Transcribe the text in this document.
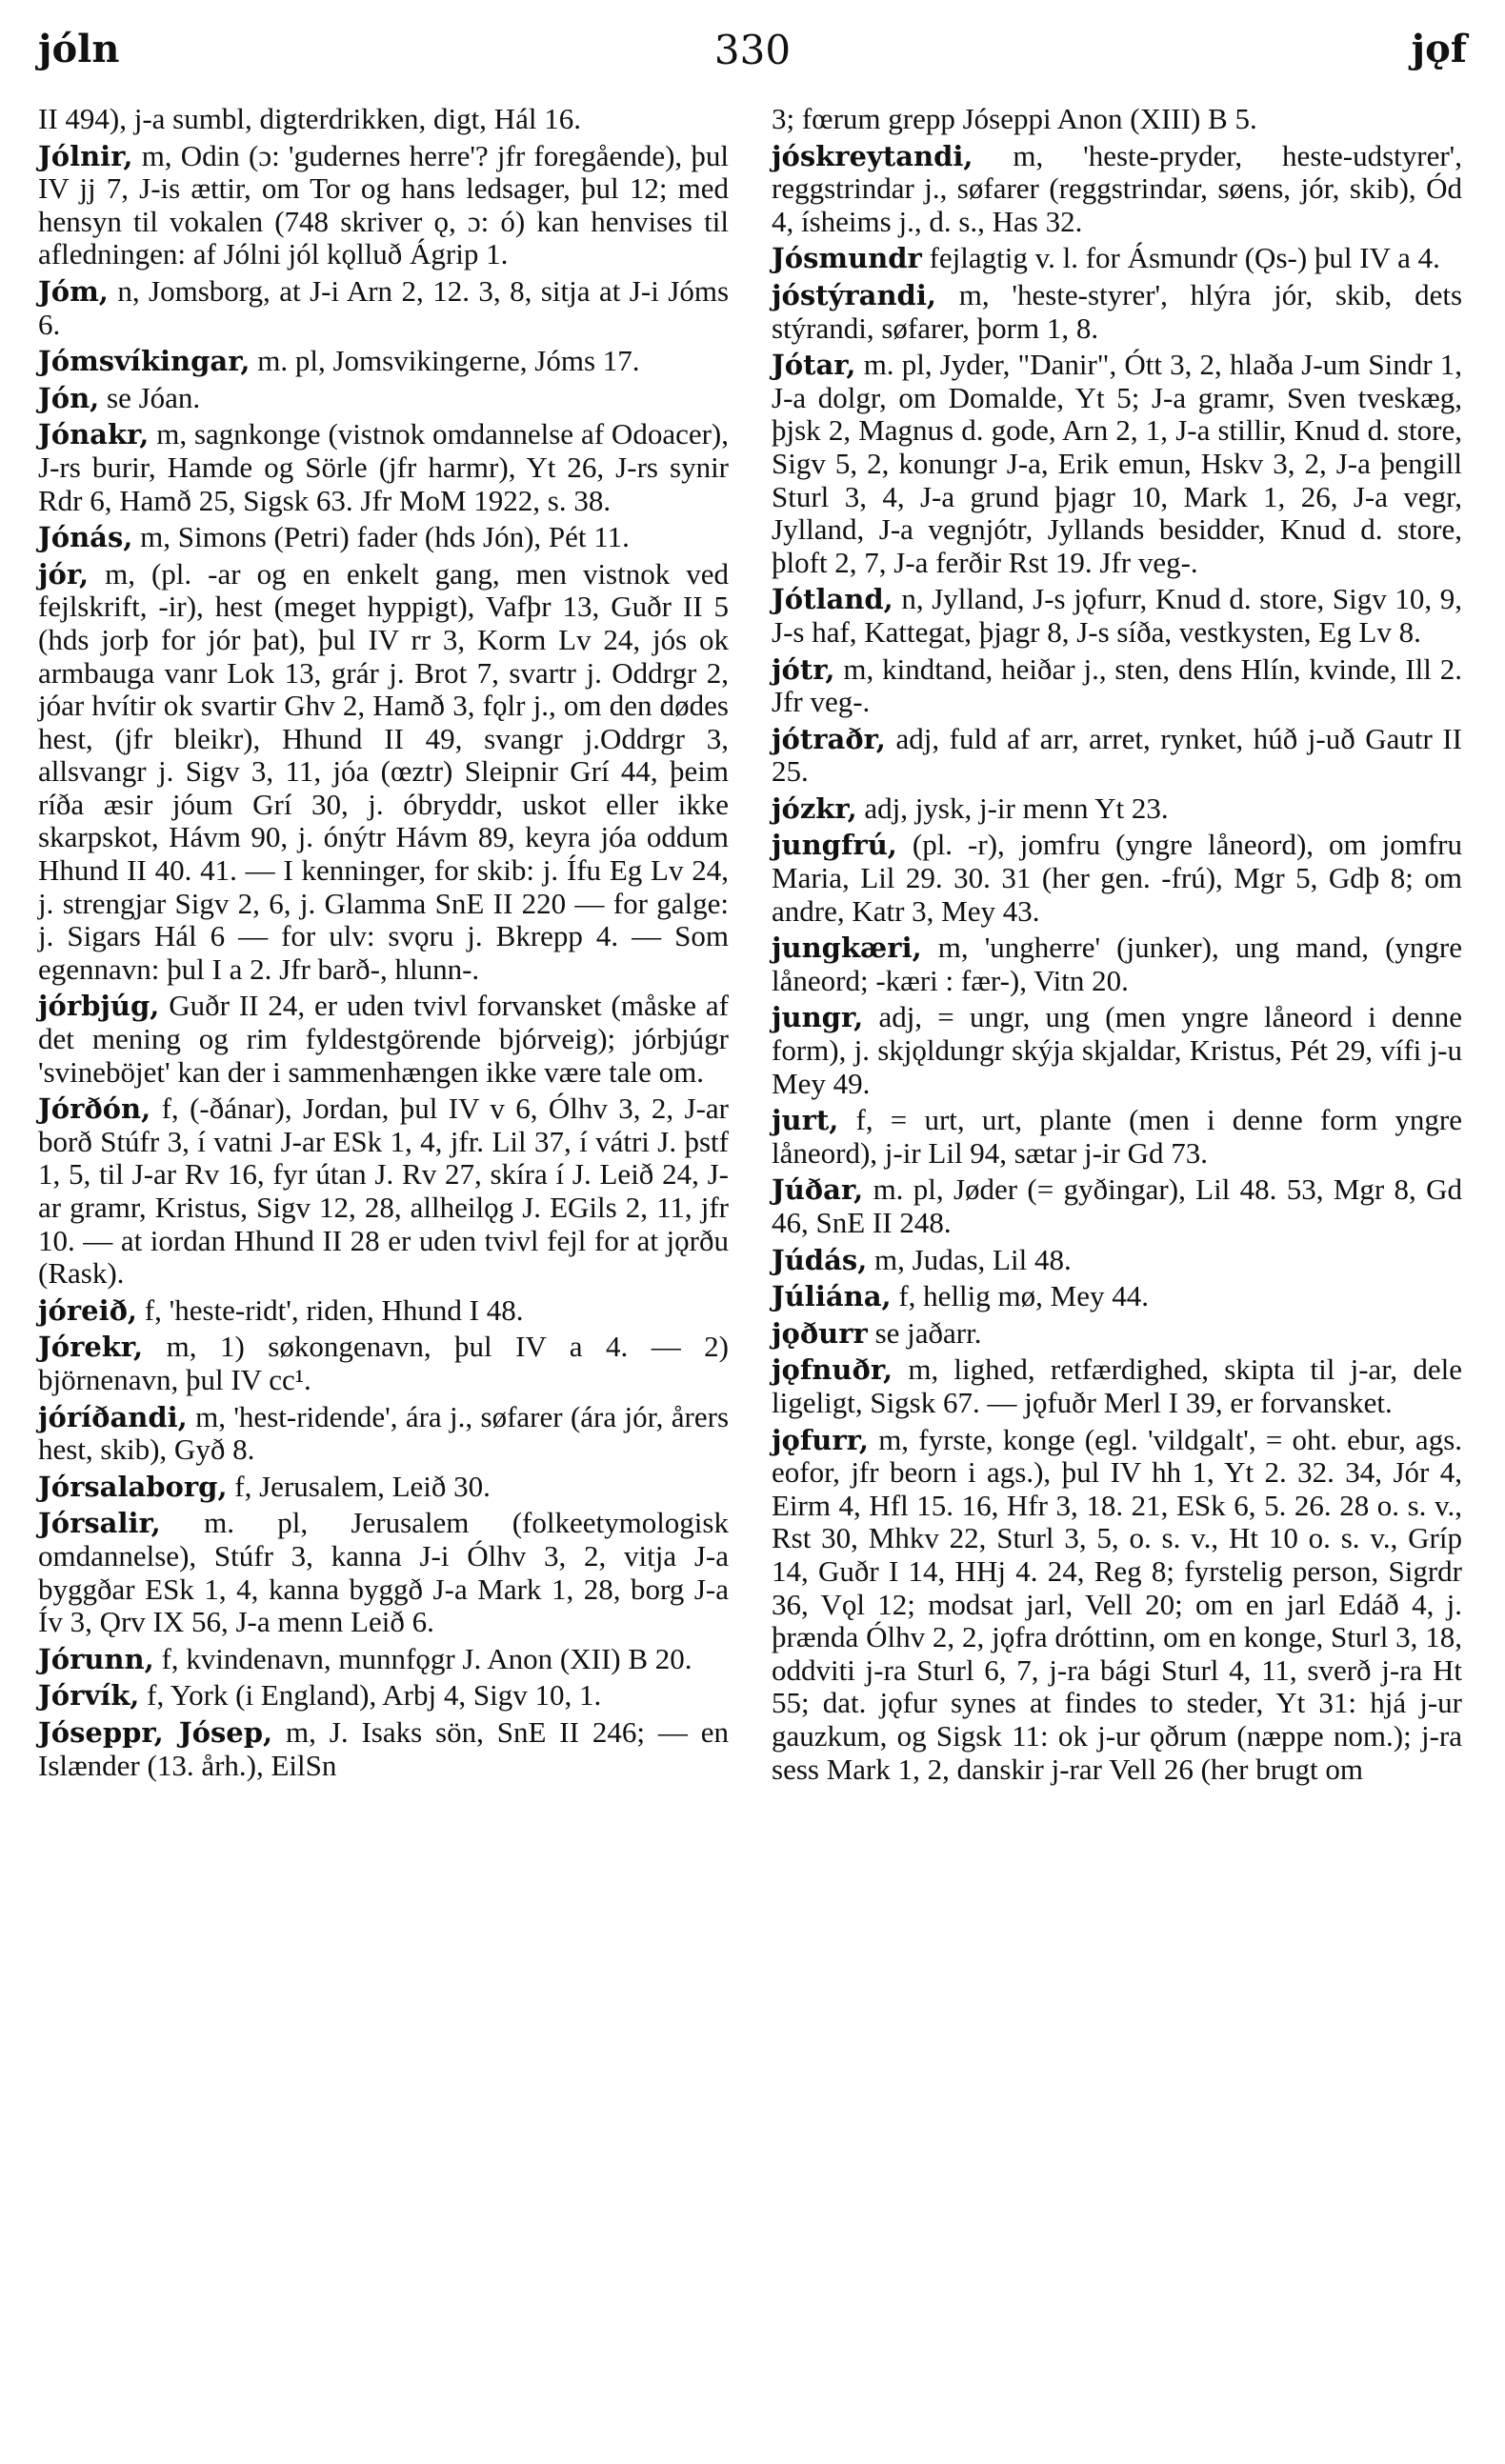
330
jóln	jǫf

II 494), j-a sumbl, digterdrikken, digt, Hál 16.

Jólnir, m, Odin (ɔ: 'gudernes herre'? jfr foregående), þul IV jj 7, J-is ættir, om Tor og hans ledsager, þul 12; med hensyn til vokalen (748 skriver ǫ, ɔ: ó) kan henvises til afledningen: af Jólni jól kǫlluð Ágrip 1.

Jóm, n, Jomsborg, at J-i Arn 2, 12. 3, 8, sitja at J-i Jóms 6.

Jómsvíkingar, m. pl, Jomsvikingerne, Jóms 17.

Jón, se Jóan.

Jónakr, m, sagnkonge (vistnok omdannelse af Odoacer), J-rs burir, Hamde og Sörle (jfr harmr), Yt 26, J-rs synir Rdr 6, Hamð 25, Sigsk 63. Jfr MoM 1922, s. 38.

Jónás, m, Simons (Petri) fader (hds Jón), Pét 11.

jór, m, (pl. -ar og en enkelt gang, men vistnok ved fejlskrift, -ir), hest (meget hyppigt), Vafþr 13, Guðr II 5 (hds jorþ for jór þat), þul IV rr 3, Korm Lv 24, jós ok armbauga vanr Lok 13, grár j. Brot 7, svartr j. Oddrgr 2, jóar hvítir ok svartir Ghv 2, Hamð 3, fǫlr j., om den dødes hest, (jfr bleikr), Hhund II 49, svangr j.Oddrgr 3, allsvangr j. Sigv 3, 11, jóa (œztr) Sleipnir Grí 44, þeim ríða æsir jóum Grí 30, j. óbryddr, uskot eller ikke skarpskot, Hávm 90, j. ónýtr Hávm 89, keyra jóa oddum Hhund II 40. 41. — I kenninger, for skib: j. Ífu Eg Lv 24, j. strengjar Sigv 2, 6, j. Glamma SnE II 220 — for galge: j. Sigars Hál 6 — for ulv: svǫru j. Bkrepp 4. — Som egennavn: þul I a 2. Jfr barð-, hlunn-.

jórbjúg, Guðr II 24, er uden tvivl forvansket (måske af det mening og rim fyldestgörende bjórveig); jórbjúgr 'svineböjet' kan der i sammenhængen ikke være tale om.

Jórðón, f, (-ðánar), Jordan, þul IV v 6, Ólhv 3, 2, J-ar borð Stúfr 3, í vatni J-ar ESk 1, 4, jfr. Lil 37, í vátri J. þstf 1, 5, til J-ar Rv 16, fyr útan J. Rv 27, skíra í J. Leið 24, J-ar gramr, Kristus, Sigv 12, 28, allheilǫg J. EGils 2, 11, jfr 10. — at iordan Hhund II 28 er uden tvivl fejl for at jǫrðu (Rask).

jóreið, f, 'heste-ridt', riden, Hhund I 48.

Jórekr, m, 1) søkongenavn, þul IV a 4. — 2) björnenavn, þul IV cc¹.

jóríðandi, m, 'hest-ridende', ára j., søfarer (ára jór, årers hest, skib), Gyð 8.

Jórsalaborg, f, Jerusalem, Leið 30.

Jórsalir, m. pl, Jerusalem (folkeetymologisk omdannelse), Stúfr 3, kanna J-i Ólhv 3, 2, vitja J-a byggðar ESk 1, 4, kanna byggð J-a Mark 1, 28, borg J-a Ív 3, Ǫrv IX 56, J-a menn Leið 6.

Jórunn, f, kvindenavn, munnfǫgr J. Anon (XII) B 20.

Jórvík, f, York (i England), Arbj 4, Sigv 10, 1.

Jóseppr, Jósep, m, J. Isaks sön, SnE II 246; — en Islænder (13. årh.), EilSn

3; fœrum grepp Jóseppi Anon (XIII) B 5.

jóskreytandi, m, 'heste-pryder, heste-udstyrer', reggstrindar j., søfarer (reggstrindar, søens, jór, skib), Ód 4, ísheims j., d. s., Has 32.

Jósmundr fejlagtig v. l. for Ásmundr (Ǫs-) þul IV a 4.

jóstýrandi, m, 'heste-styrer', hlýra jór, skib, dets stýrandi, søfarer, þorm 1, 8.

Jótar, m. pl, Jyder, "Danir", Ótt 3, 2, hlaða J-um Sindr 1, J-a dolgr, om Domalde, Yt 5; J-a gramr, Sven tveskæg, þjsk 2, Magnus d. gode, Arn 2, 1, J-a stillir, Knud d. store, Sigv 5, 2, konungr J-a, Erik emun, Hskv 3, 2, J-a þengill Sturl 3, 4, J-a grund þjagr 10, Mark 1, 26, J-a vegr, Jylland, J-a vegnjótr, Jyllands besidder, Knud d. store, þloft 2, 7, J-a ferðir Rst 19. Jfr veg-.

Jótland, n, Jylland, J-s jǫfurr, Knud d. store, Sigv 10, 9, J-s haf, Kattegat, þjagr 8, J-s síða, vestkysten, Eg Lv 8.

jótr, m, kindtand, heiðar j., sten, dens Hlín, kvinde, Ill 2. Jfr veg-.

jótraðr, adj, fuld af arr, arret, rynket, húð j-uð Gautr II 25.

józkr, adj, jysk, j-ir menn Yt 23.

jungfrú, (pl. -r), jomfru (yngre låneord), om jomfru Maria, Lil 29. 30. 31 (her gen. -frú), Mgr 5, Gdþ 8; om andre, Katr 3, Mey 43.

jungkæri, m, 'ungherre' (junker), ung mand, (yngre låneord; -kæri : fær-), Vitn 20.

jungr, adj, = ungr, ung (men yngre låneord i denne form), j. skjǫldungr skýja skjaldar, Kristus, Pét 29, vífi j-u Mey 49.

jurt, f, = urt, urt, plante (men i denne form yngre låneord), j-ir Lil 94, sætar j-ir Gd 73.

Júðar, m. pl, Jøder (= gyðingar), Lil 48. 53, Mgr 8, Gd 46, SnE II 248.

Júdás, m, Judas, Lil 48.

Júliána, f, hellig mø, Mey 44.

jǫðurr se jaðarr.

jǫfnuðr, m, lighed, retfærdighed, skipta til j-ar, dele ligeligt, Sigsk 67. — jǫfuðr Merl I 39, er forvansket.

jǫfurr, m, fyrste, konge (egl. 'vildgalt', = oht. ebur, ags. eofor, jfr beorn i ags.), þul IV hh 1, Yt 2. 32. 34, Jór 4, Eirm 4, Hfl 15. 16, Hfr 3, 18. 21, ESk 6, 5. 26. 28 o. s. v., Rst 30, Mhkv 22, Sturl 3, 5, o. s. v., Ht 10 o. s. v., Gríp 14, Guðr I 14, HHj 4. 24, Reg 8; fyrstelig person, Sigrdr 36, Vǫl 12; modsat jarl, Vell 20; om en jarl Edáð 4, j. þrænda Ólhv 2, 2, jǫfra dróttinn, om en konge, Sturl 3, 18, oddviti j-ra Sturl 6, 7, j-ra bági Sturl 4, 11, sverð j-ra Ht 55; dat. jǫfur synes at findes to steder, Yt 31: hjá j-ur gauzkum, og Sigsk 11: ok j-ur ǫðrum (næppe nom.); j-ra sess Mark 1, 2, danskir j-rar Vell 26 (her brugt om
